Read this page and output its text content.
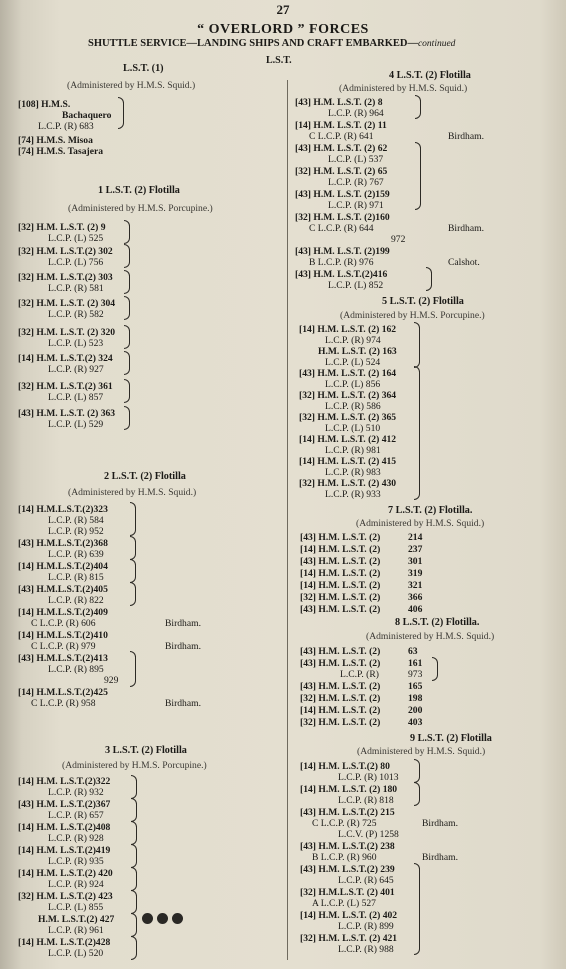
27
“ OVERLORD ” FORCES
SHUTTLE SERVICE—LANDING SHIPS AND CRAFT EMBARKED—continued
L.S.T.
L.S.T. (1)
(Administered by H.M.S. Squid.)
[108] H.M.S.
Bachaquero
L.C.P. (R) 683
[74] H.M.S. Misoa
[74] H.M.S. Tasajera
1 L.S.T. (2) Flotilla
(Administered by H.M.S. Porcupine.)
[32] H.M. L.S.T. (2) 9
L.C.P. (L) 525
[32] H.M. L.S.T.(2) 302
L.C.P. (L) 756
[32] H.M. L.S.T.(2) 303
L.C.P. (R) 581
[32] H.M. L.S.T. (2) 304
L.C.P. (R) 582
[32] H.M. L.S.T. (2) 320
L.C.P. (L) 523
[14] H.M. L.S.T.(2) 324
L.C.P. (R) 927
[32] H.M. L.S.T.(2) 361
L.C.P. (L) 857
[43] H.M. L.S.T. (2) 363
L.C.P. (L) 529
2 L.S.T. (2) Flotilla
(Administered by H.M.S. Squid.)
[14] H.M.L.S.T.(2)323
L.C.P. (R) 584
L.C.P. (R) 952
[43] H.M.L.S.T.(2)368
L.C.P. (R) 639
[14] H.M.L.S.T.(2)404
L.C.P. (R) 815
[43] H.M.L.S.T.(2)405
L.C.P. (R) 822
[14] H.M.L.S.T.(2)409
C L.C.P. (R) 606	Birdham.
[14] H.M.L.S.T.(2)410
C L.C.P. (R) 979	Birdham.
[43] H.M.L.S.T.(2)413
L.C.P. (R) 895
929
[14] H.M.L.S.T.(2)425
C L.C.P. (R) 958	Birdham.
3 L.S.T. (2) Flotilla
(Administered by H.M.S. Porcupine.)
[14] H.M. L.S.T.(2)322
L.C.P. (R) 932
[43] H.M. L.S.T.(2)367
L.C.P. (R) 657
[14] H.M. L.S.T.(2)408
L.C.P. (R) 928
[14] H.M. L.S.T.(2)419
L.C.P. (R) 935
[14] H.M. L.S.T.(2) 420
L.C.P. (R) 924
[32] H.M. L.S.T.(2) 423
L.C.P. (L) 855
H.M. L.S.T.(2) 427
L.C.P. (R) 961
[14] H.M. L.S.T.(2)428
L.C.P. (L) 520
4 L.S.T. (2) Flotilla
(Administered by H.M.S. Squid.)
[43] H.M. L.S.T. (2) 8
L.C.P. (R) 964
[14] H.M. L.S.T. (2) 11
C L.C.P. (R) 641	Birdham.
[43] H.M. L.S.T. (2) 62
L.C.P. (L) 537
[32] H.M. L.S.T. (2) 65
L.C.P. (R) 767
[43] H.M. L.S.T. (2)159
L.C.P. (R) 971
[32] H.M. L.S.T. (2)160
C L.C.P. (R) 644	Birdham.
972
[43] H.M. L.S.T. (2)199
B L.C.P. (R) 976	Calshot.
[43] H.M. L.S.T.(2)416
L.C.P. (L) 852
5 L.S.T. (2) Flotilla
(Administered by H.M.S. Porcupine.)
[14] H.M. L.S.T. (2) 162
L.C.P. (R) 974
H.M. L.S.T. (2) 163
L.C.P. (L) 524
[43] H.M. L.S.T. (2) 164
L.C.P. (L) 856
[32] H.M. L.S.T. (2) 364
L.C.P. (R) 586
[32] H.M. L.S.T. (2) 365
L.C.P. (L) 510
[14] H.M. L.S.T. (2) 412
L.C.P. (R) 981
[14] H.M. L.S.T. (2) 415
L.C.P. (R) 983
[32] H.M. L.S.T. (2) 430
L.C.P. (R) 933
7 L.S.T. (2) Flotilla.
(Administered by H.M.S. Squid.)
[43] H.M. L.S.T. (2)	214
[14] H.M. L.S.T. (2)	237
[43] H.M. L.S.T. (2)	301
[14] H.M. L.S.T. (2)	319
[14] H.M. L.S.T. (2)	321
[32] H.M. L.S.T. (2)	366
[43] H.M. L.S.T. (2)	406
8 L.S.T. (2) Flotilla.
(Administered by H.M.S. Squid.)
[43] H.M. L.S.T. (2)	63
[43] H.M. L.S.T. (2)	161
L.C.P. (R)	973
[43] H.M. L.S.T. (2)	165
[32] H.M. L.S.T. (2)	198
[14] H.M. L.S.T. (2)	200
[32] H.M. L.S.T. (2)	403
9 L.S.T. (2) Flotilla
(Administered by H.M.S. Squid.)
[14] H.M. L.S.T.(2) 80
L.C.P. (R) 1013
[14] H.M. L.S.T. (2) 180
L.C.P. (R) 818
[43] H.M. L.S.T.(2) 215
C L.C.P. (R) 725	Birdham.
L.C.V. (P) 1258
[43] H.M. L.S.T.(2) 238
B L.C.P. (R) 960	Birdham.
[43] H.M. L.S.T.(2) 239
L.C.P. (R) 645
[32] H.M.L.S.T. (2) 401
A L.C.P. (L) 527
[14] H.M. L.S.T. (2) 402
L.C.P. (R) 899
[32] H.M. L.S.T. (2) 421
L.C.P. (R) 988
